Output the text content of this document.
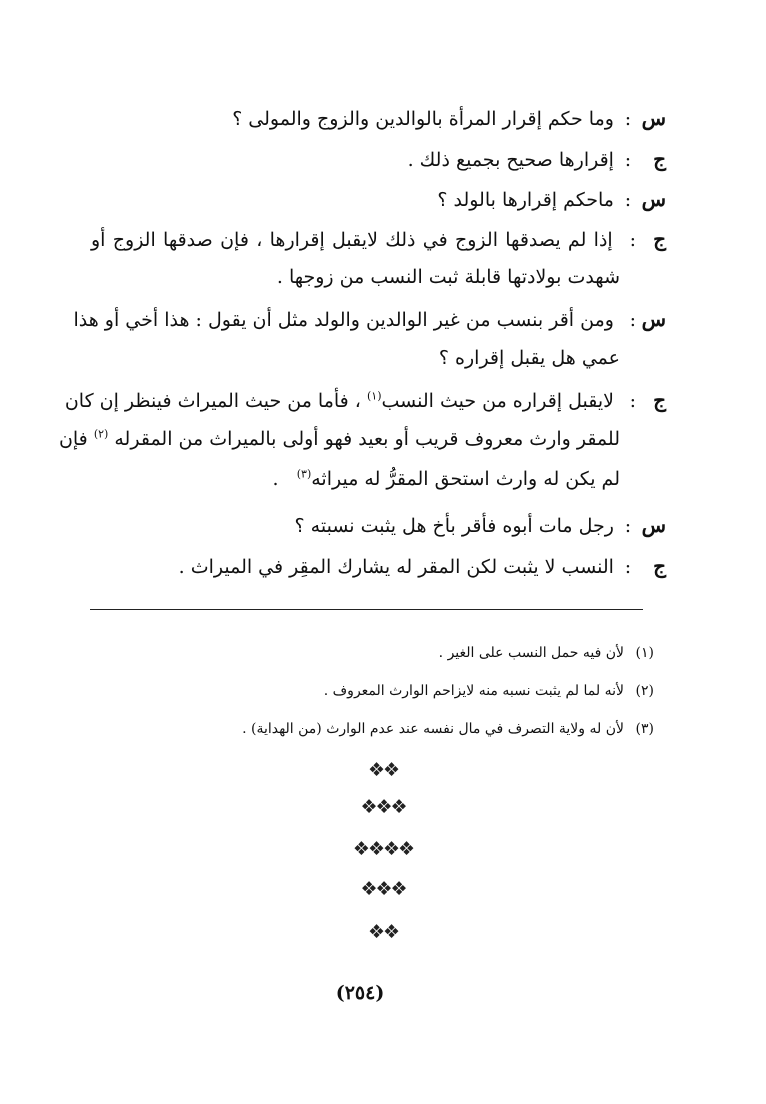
س: وما حكم إقرار المرأة بالوالدين والزوج والمولى ؟
ج: إقرارها صحيح بجميع ذلك .
س: ماحكم إقرارها بالولد ؟
ج: إذا لم يصدقها الزوج في ذلك لايقبل إقرارها ، فإن صدقها الزوج أو
شهدت بولادتها قابلة ثبت النسب من زوجها .
س: ومن أقر بنسب من غير الوالدين والولد مثل أن يقول : هذا أخي أو هذا
عمي هل يقبل إقراره ؟
ج: لايقبل إقراره من حيث النسب$^{(١)}$ ، فأما من حيث الميراث فينظر إن كان
للمقر وارث معروف قريب أو بعيد فهو أولى بالميراث من المقرله $^{(٢)}$ فإن
لم يكن له وارث استحق المقرُّ له ميراثه$^{(٣)}$   .
س: رجل مات أبوه فأقر بأخ هل يثبت نسبته ؟
ج: النسب لا يثبت لكن المقر له يشارك المقِر في الميراث .
(١)لأن فيه حمل النسب على الغير .
(٢)لأنه لما لم يثبت نسبه منه لايزاحم الوارث المعروف .
(٣)لأن له ولاية التصرف في مال نفسه عند عدم الوارث (من الهداية) .
❖❖
❖❖❖
❖❖❖❖
❖❖❖
❖❖
(٢٥٤)
